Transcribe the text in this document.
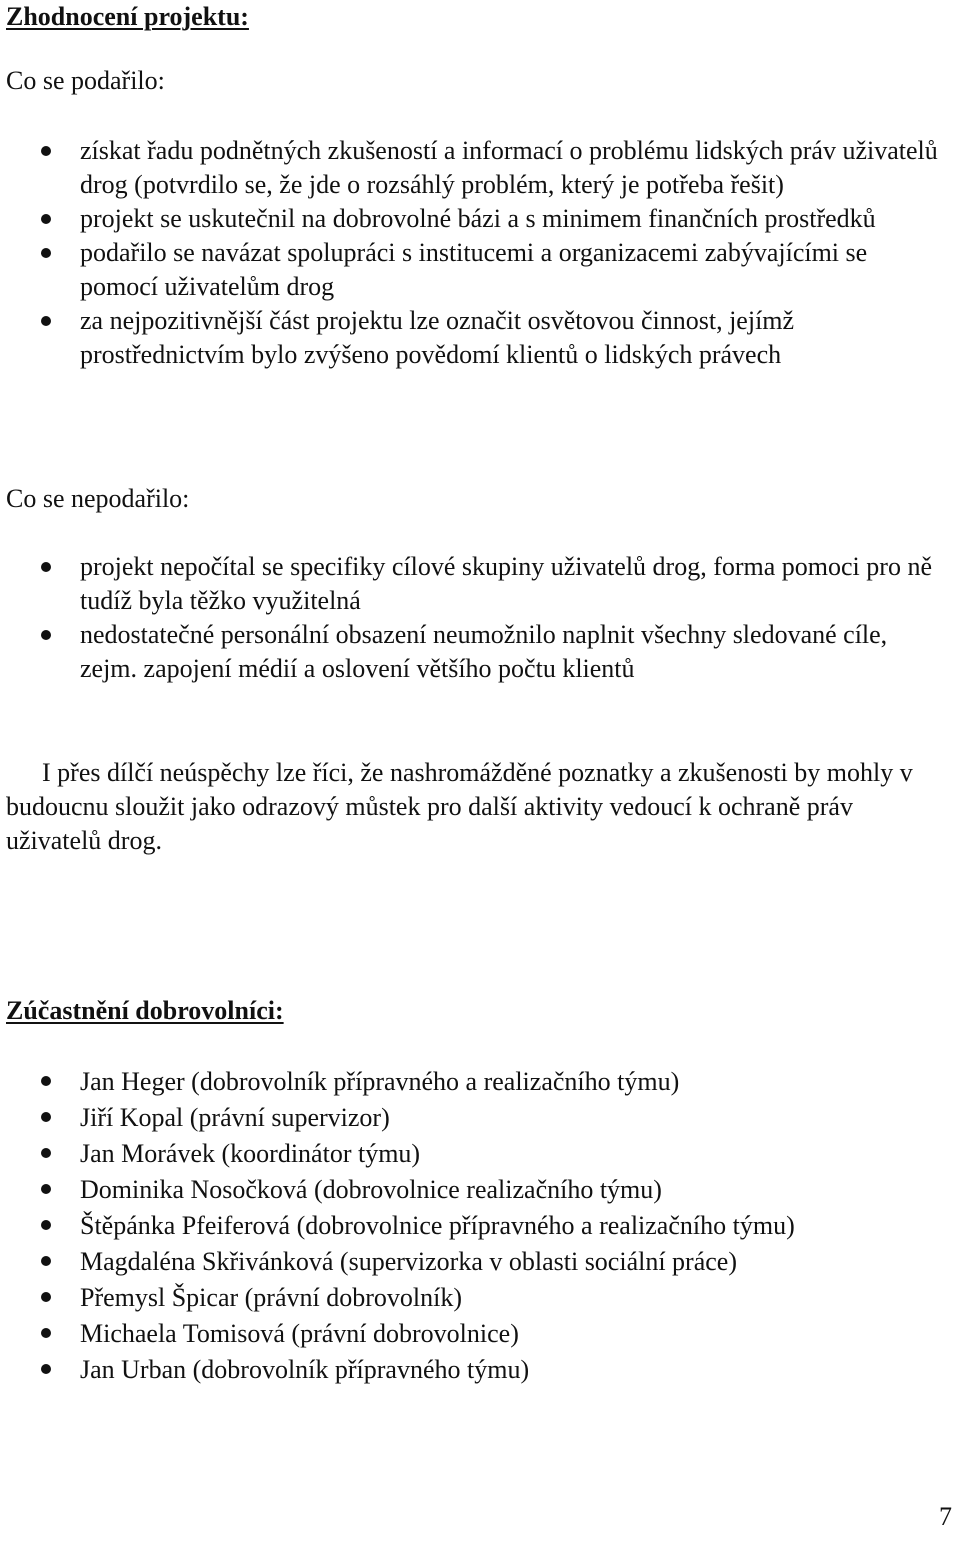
Zhodnocení projektu:
Co se podařilo:
získat řadu podnětných zkušeností a informací o problému lidských práv uživatelů drog (potvrdilo se, že jde o rozsáhlý problém, který je potřeba řešit)
projekt se uskutečnil na dobrovolné bázi a s minimem finančních prostředků
podařilo se navázat spolupráci s institucemi a organizacemi zabývajícími se pomocí uživatelům drog
za nejpozitivnější část projektu lze označit osvětovou činnost, jejímž prostřednictvím bylo zvýšeno povědomí klientů o lidských právech
Co se nepodařilo:
projekt nepočítal se specifiky cílové skupiny uživatelů drog, forma pomoci pro ně tudíž byla těžko využitelná
nedostatečné personální obsazení neumožnilo naplnit všechny sledované cíle, zejm. zapojení médií a oslovení většího počtu klientů
I přes dílčí neúspěchy lze říci, že nashromážděné poznatky a zkušenosti by mohly v budoucnu sloužit jako odrazový můstek pro další aktivity vedoucí k ochraně práv uživatelů drog.
Zúčastnění dobrovolníci:
Jan Heger (dobrovolník přípravného a realizačního týmu)
Jiří Kopal (právní supervizor)
Jan Morávek (koordinátor týmu)
Dominika Nosočková (dobrovolnice realizačního týmu)
Štěpánka Pfeiferová (dobrovolnice přípravného a realizačního týmu)
Magdaléna Skřivánková (supervizorka v oblasti sociální práce)
Přemysl Špicar (právní dobrovolník)
Michaela Tomisová (právní dobrovolnice)
Jan Urban (dobrovolník přípravného týmu)
7
